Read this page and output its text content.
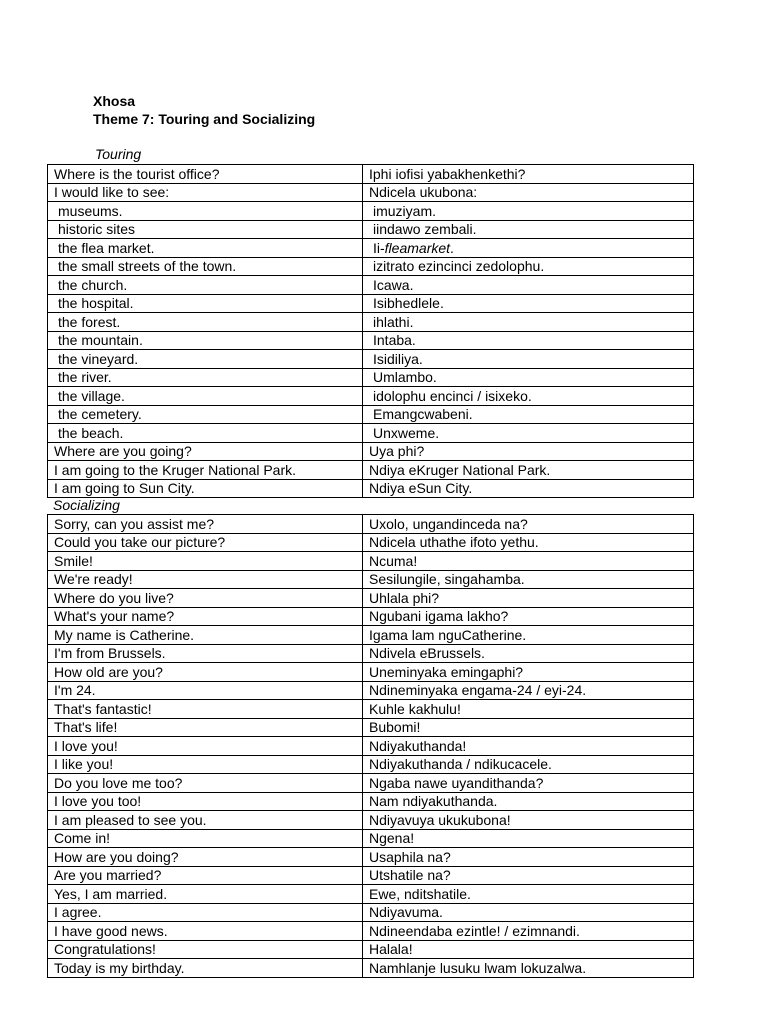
Xhosa
Theme 7: Touring and Socializing
Touring
Where is the tourist office?	Iphi iofisi yabakhenkethi?
I would like to see:	Ndicela ukubona:
museums.	imuziyam.
historic sites	iindawo zembali.
the flea market.	Ii-fleamarket.
the small streets of the town.	izitrato ezincinci zedolophu.
the church.	Icawa.
the hospital.	Isibhedlele.
the forest.	ihlathi.
the mountain.	Intaba.
the vineyard.	Isidiliya.
the river.	Umlambo.
the village.	idolophu encinci / isixeko.
the cemetery.	Emangcwabeni.
the beach.	Unxweme.
Where are you going?	Uya phi?
I am going to the Kruger National Park.	Ndiya eKruger National Park.
I am going to Sun City.	Ndiya eSun City.
Socializing
Sorry, can you assist me?	Uxolo, ungandinceda na?
Could you take our picture?	Ndicela uthathe ifoto yethu.
Smile!	Ncuma!
We're ready!	Sesilungile, singahamba.
Where do you live?	Uhlala phi?
What's your name?	Ngubani igama lakho?
My name is Catherine.	Igama lam nguCatherine.
I'm from Brussels.	Ndivela eBrussels.
How old are you?	Uneminyaka emingaphi?
I'm 24.	Ndineminyaka engama-24 / eyi-24.
That's fantastic!	Kuhle kakhulu!
That's life!	Bubomi!
I love you!	Ndiyakuthanda!
I like you!	Ndiyakuthanda / ndikucacele.
Do you love me too?	Ngaba nawe uyandithanda?
I love you too!	Nam ndiyakuthanda.
I am pleased to see you.	Ndiyavuya ukukubona!
Come in!	Ngena!
How are you doing?	Usaphila na?
Are you married?	Utshatile na?
Yes, I am married.	Ewe, nditshatile.
I agree.	Ndiyavuma.
I have good news.	Ndineendaba ezintle! / ezimnandi.
Congratulations!	Halala!
Today is my birthday.	Namhlanje lusuku lwam lokuzalwa.
